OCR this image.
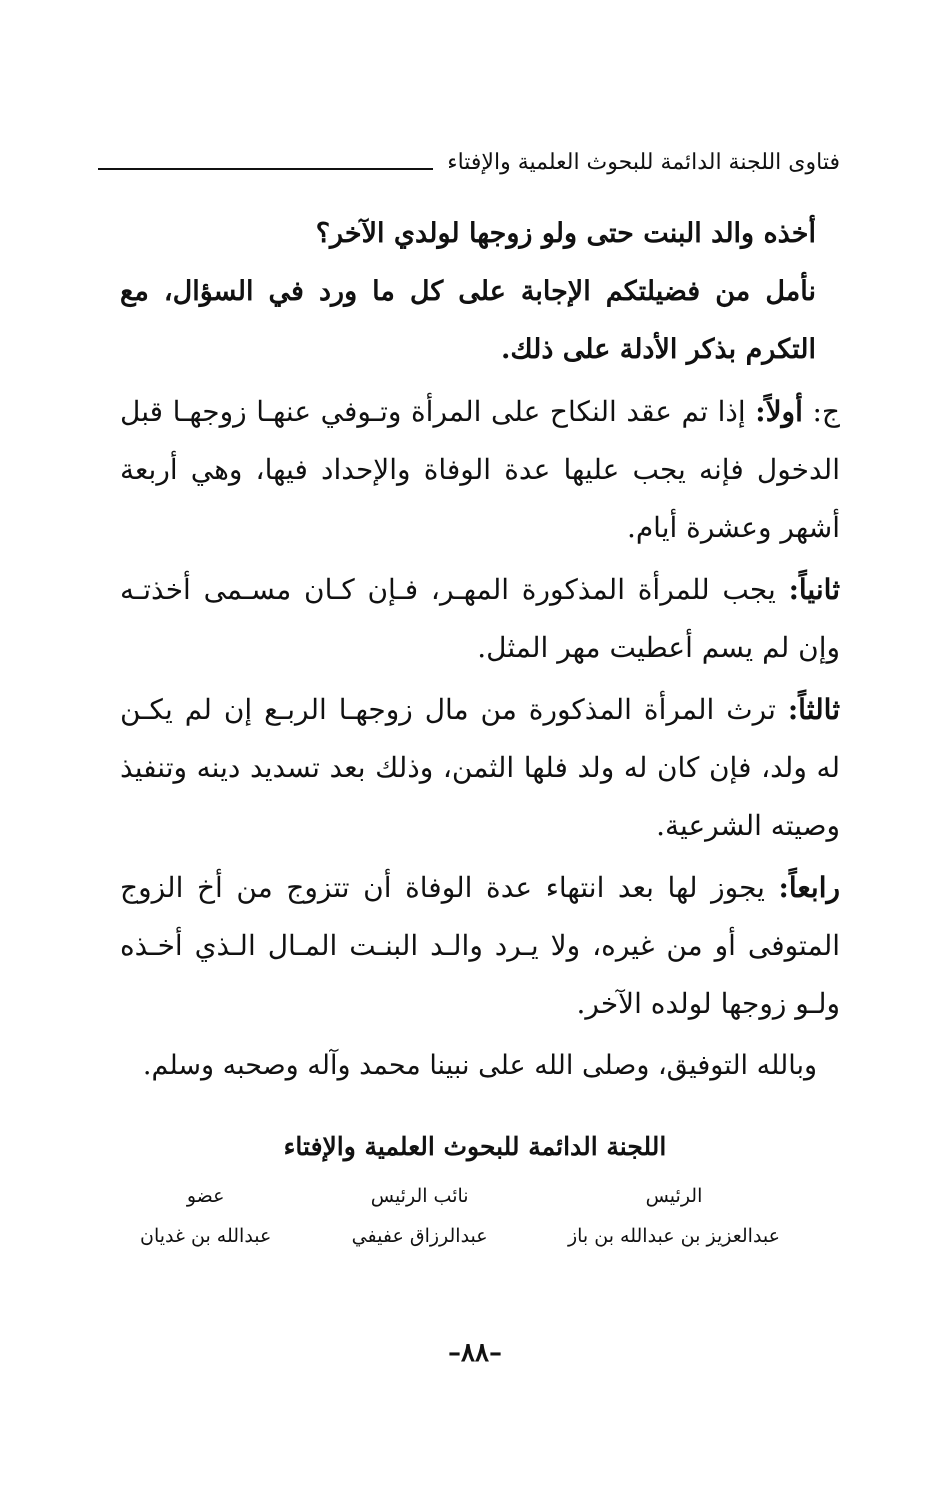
فتاوى اللجنة الدائمة للبحوث العلمية والإفتاء

أخذه والد البنت حتى ولو زوجها لولدي الآخر؟

نأمل من فضيلتكم الإجابة على كل ما ورد في السؤال، مع التكرم بذكر الأدلة على ذلك.

ج: أولاً: إذا تم عقد النكاح على المرأة وتـوفي عنهـا زوجهـا قبل الدخول فإنه يجب عليها عدة الوفاة والإحداد فيها، وهي أربعة أشهر وعشرة أيام.

ثانياً: يجب للمرأة المذكورة المهـر، فـإن كـان مسـمى أخذتـه وإن لم يسم أعطيت مهر المثل.

ثالثاً: ترث المرأة المذكورة من مال زوجهـا الربـع إن لم يكـن له ولد، فإن كان له ولد فلها الثمن، وذلك بعد تسديد دينه وتنفيذ وصيته الشرعية.

رابعاً: يجوز لها بعد انتهاء عدة الوفاة أن تتزوج من أخ الزوج المتوفى أو من غيره، ولا يـرد والـد البنـت المـال الـذي أخـذه ولـو زوجها لولده الآخر.

وبالله التوفيق، وصلى الله على نبينا محمد وآله وصحبه وسلم.

اللجنة الدائمة للبحوث العلمية والإفتاء
الرئيس
عبدالعزيز بن عبدالله بن باز
نائب الرئيس
عبدالرزاق عفيفي
عضو
عبدالله بن غديان
–٨٨–
